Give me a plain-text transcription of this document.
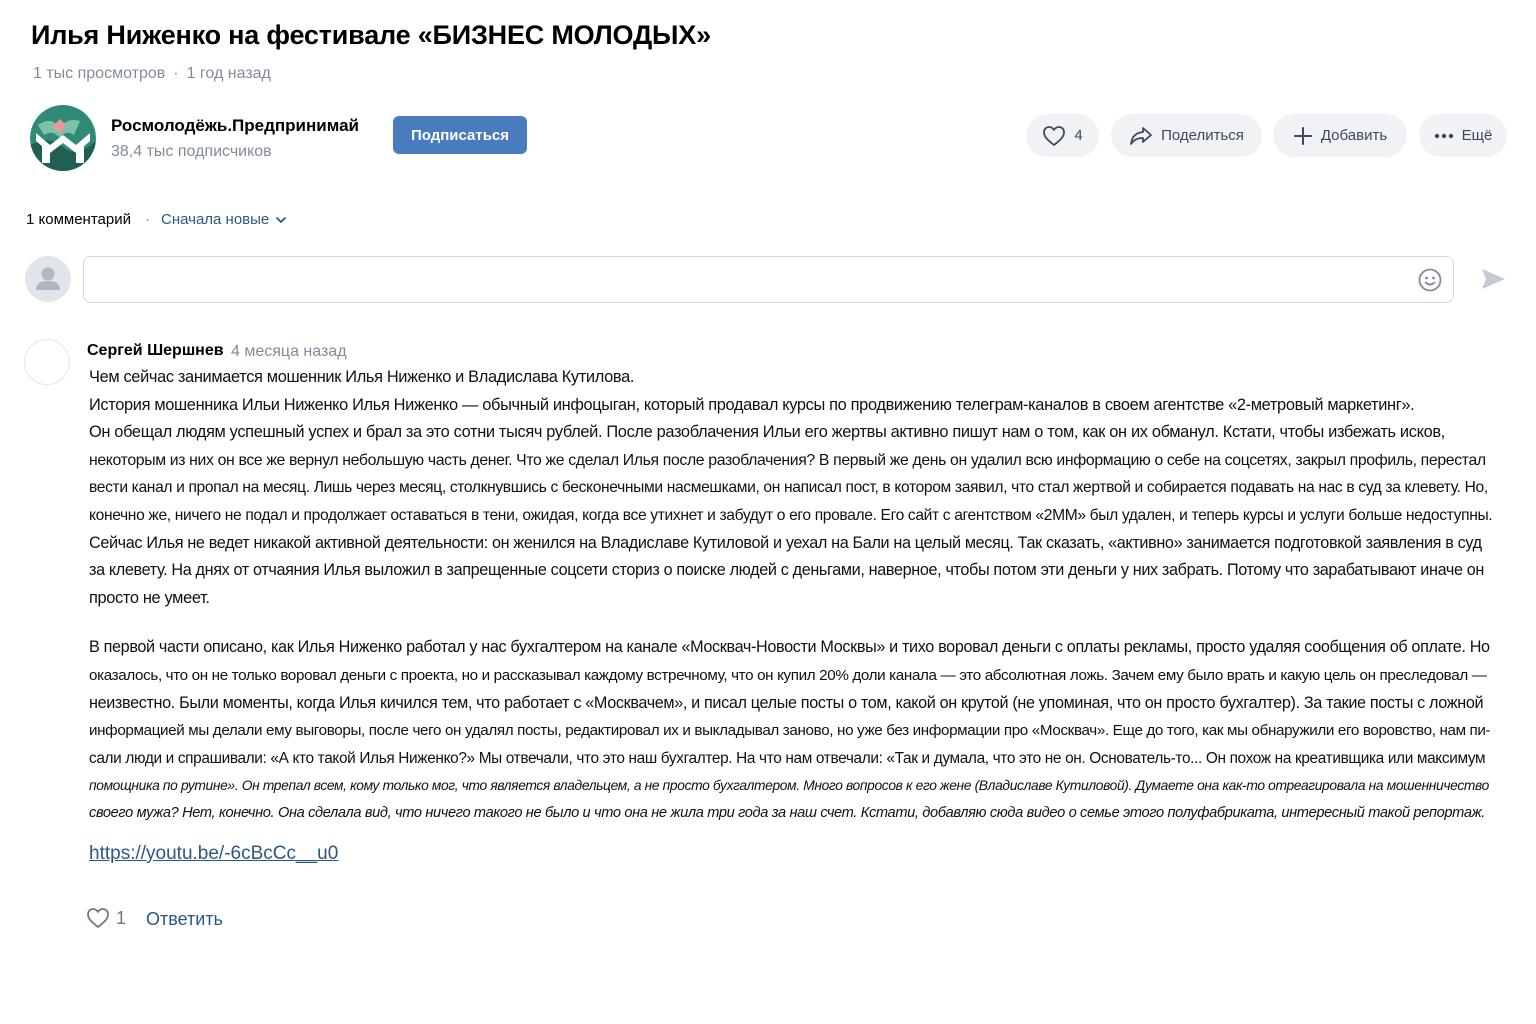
Илья Ниженко на фестивале «БИЗНЕС МОЛОДЫХ»
1 тыс просмотров · 1 год назад
Росмолодёжь.Предпринимай
38,4 тыс подписчиков
Подписаться	4	Поделиться	Добавить	Ещё
1 комментарий · Сначала новые
Сергей Шершнев 4 месяца назад

Чем сейчас занимается мошенник Илья Ниженко и Владислава Кутилова.

История мошенника Ильи Ниженко Илья Ниженко — обычный инфоцыган, который продавал курсы по продвижению телеграм-каналов в своем агентстве «2-метровый маркетинг».

Он обещал людям успешный успех и брал за это сотни тысяч рублей. После разоблачения Ильи его жертвы активно пишут нам о том, как он их обманул. Кстати, чтобы избежать исков,

некоторым из них он все же вернул небольшую часть денег. Что же сделал Илья после разоблачения? В первый же день он удалил всю информацию о себе на соцсетях, закрыл профиль, перестал

вести канал и пропал на месяц. Лишь через месяц, столкнувшись с бесконечными насмешками, он написал пост, в котором заявил, что стал жертвой и собирается подавать на нас в суд за клевету. Но,

конечно же, ничего не подал и продолжает оставаться в тени, ожидая, когда все утихнет и забудут о его провале. Его сайт с агентством «2ММ» был удален, и теперь курсы и услуги больше недоступны.

Сейчас Илья не ведет никакой активной деятельности: он женился на Владиславе Кутиловой и уехал на Бали на целый месяц. Так сказать, «активно» занимается подготовкой заявления в суд

за клевету. На днях от отчаяния Илья выложил в запрещенные соцсети сториз о поиске людей с деньгами, наверное, чтобы потом эти деньги у них забрать. Потому что зарабатывают иначе он

просто не умеет.

В первой части описано, как Илья Ниженко работал у нас бухгалтером на канале «Москвач-Новости Москвы» и тихо воровал деньги с оплаты рекламы, просто удаляя сообщения об оплате. Но

оказалось, что он не только воровал деньги с проекта, но и рассказывал каждому встречному, что он купил 20% доли канала — это абсолютная ложь. Зачем ему было врать и какую цель он преследовал —

неизвестно. Были моменты, когда Илья кичился тем, что работает с «Москвачем», и писал целые посты о том, какой он крутой (не упоминая, что он просто бухгалтер). За такие посты с ложной

информацией мы делали ему выговоры, после чего он удалял посты, редактировал их и выкладывал заново, но уже без информации про «Москвач». Еще до того, как мы обнаружили его воровство, нам пи-

сали люди и спрашивали: «А кто такой Илья Ниженко?» Мы отвечали, что это наш бухгалтер. На что нам отвечали: «Так и думала, что это не он. Основатель-то... Он похож на креативщика или максимум

помощника по рутине». Он трепал всем, кому только мог, что является владельцем, а не просто бухгалтером. Много вопросов к его жене (Владиславе Кутиловой). Думаете она как-то отреагировала на мошенничество

своего мужа? Нет, конечно. Она сделала вид, что ничего такого не было и что она не жила три года за наш счет. Кстати, добавляю сюда видео о семье этого полуфабриката, интересный такой репортаж.

https://youtu.be/-6cBcCc__u0
1 Ответить
